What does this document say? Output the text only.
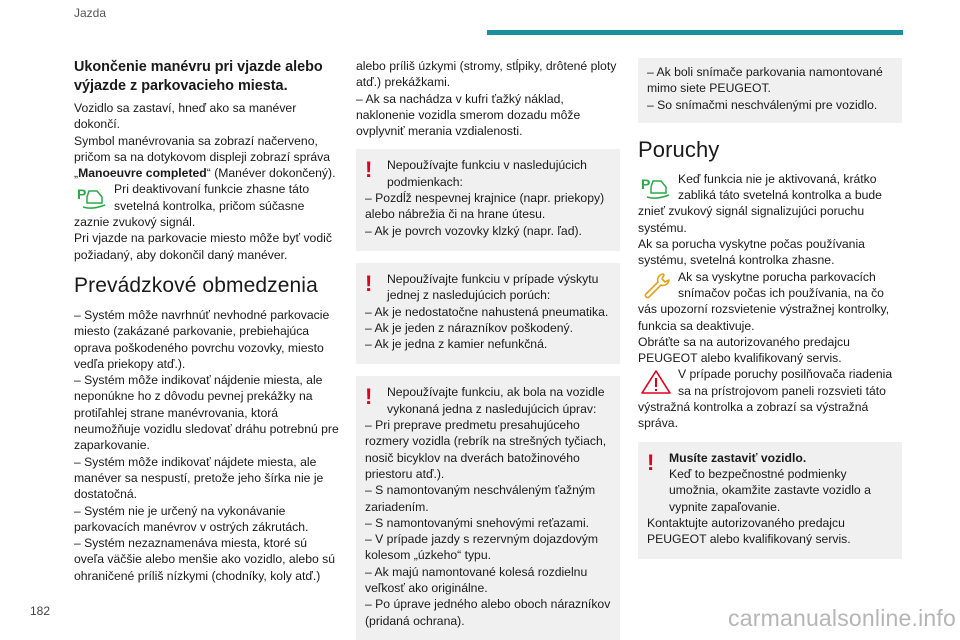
Jazda
Ukončenie manévru pri vjazde alebo výjazde z parkovacieho miesta.

Vozidlo sa zastaví, hneď ako sa manéver dokončí.

Symbol manévrovania sa zobrazí načerveno, pričom sa na dotykovom displeji zobrazí správa „Manoeuvre completed“ (Manéver dokončený).

P	Pri deaktivovaní funkcie zhasne táto svetelná kontrolka, pričom súčasne zaznie zvukový signál.

Pri vjazde na parkovacie miesto môže byť vodič požiadaný, aby dokončil daný manéver.

Prevádzkové obmedzenia

– Systém môže navrhnúť nevhodné parkovacie miesto (zakázané parkovanie, prebiehajúca oprava poškodeného povrchu vozovky, miesto vedľa priekopy atď.).

– Systém môže indikovať nájdenie miesta, ale neponúkne ho z dôvodu pevnej prekážky na protiľahlej strane manévrovania, ktorá neumožňuje vozidlu sledovať dráhu potrebnú pre zaparkovanie.

– Systém môže indikovať nájdete miesta, ale manéver sa nespustí, pretože jeho šírka nie je dostatočná.

– Systém nie je určený na vykonávanie parkovacích manévrov v ostrých zákrutách.

– Systém nezaznamenáva miesta, ktoré sú oveľa väčšie alebo menšie ako vozidlo, alebo sú ohraničené príliš nízkymi (chodníky, koly atď.)

alebo príliš úzkymi (stromy, stĺpiky, drôtené ploty atď.) prekážkami.

– Ak sa nachádza v kufri ťažký náklad, naklonenie vozidla smerom dozadu môže ovplyvniť merania vzdialenosti.

!	Nepoužívajte funkciu v nasledujúcich podmienkach:

– Pozdĺž nespevnej krajnice (napr. priekopy) alebo nábrežia či na hrane útesu.

– Ak je povrch vozovky klzký (napr. ľad).

!	Nepoužívajte funkciu v prípade výskytu jednej z nasledujúcich porúch:

– Ak je nedostatočne nahustená pneumatika.

– Ak je jeden z nárazníkov poškodený.

– Ak je jedna z kamier nefunkčná.

!	Nepoužívajte funkciu, ak bola na vozidle vykonaná jedna z nasledujúcich úprav:

– Pri preprave predmetu presahujúceho rozmery vozidla (rebrík na strešných tyčiach, nosič bicyklov na dverách batožinového priestoru atď.).

– S namontovaným neschváleným ťažným zariadením.

– S namontovanými snehovými reťazami.

– V prípade jazdy s rezervným dojazdovým kolesom „úzkeho“ typu.

– Ak majú namontované kolesá rozdielnu veľkosť ako originálne.

– Po úprave jedného alebo oboch nárazníkov (pridaná ochrana).

– Ak boli snímače parkovania namontované mimo siete PEUGEOT.

– So snímačmi neschválenými pre vozidlo.

Poruchy
P	Keď funkcia nie je aktivovaná, krátko zabliká táto svetelná kontrolka a bude znieť zvukový signál signalizujúci poruchu systému.

Ak sa porucha vyskytne počas používania systému, svetelná kontrolka zhasne.

Ak sa vyskytne porucha parkovacích snímačov počas ich používania, na čo vás upozorní rozsvietenie výstražnej kontrolky, funkcia sa deaktivuje.

Obráťte sa na autorizovaného predajcu PEUGEOT alebo kvalifikovaný servis.

V prípade poruchy posilňovača riadenia sa na prístrojovom paneli rozsvieti táto výstražná kontrolka a zobrazí sa výstražná správa.

!	Musíte zastaviť vozidlo.

Keď to bezpečnostné podmienky umožnia, okamžite zastavte vozidlo a vypnite zapaľovanie.

Kontaktujte autorizovaného predajcu PEUGEOT alebo kvalifikovaný servis.

182	carmanualsonline.info
